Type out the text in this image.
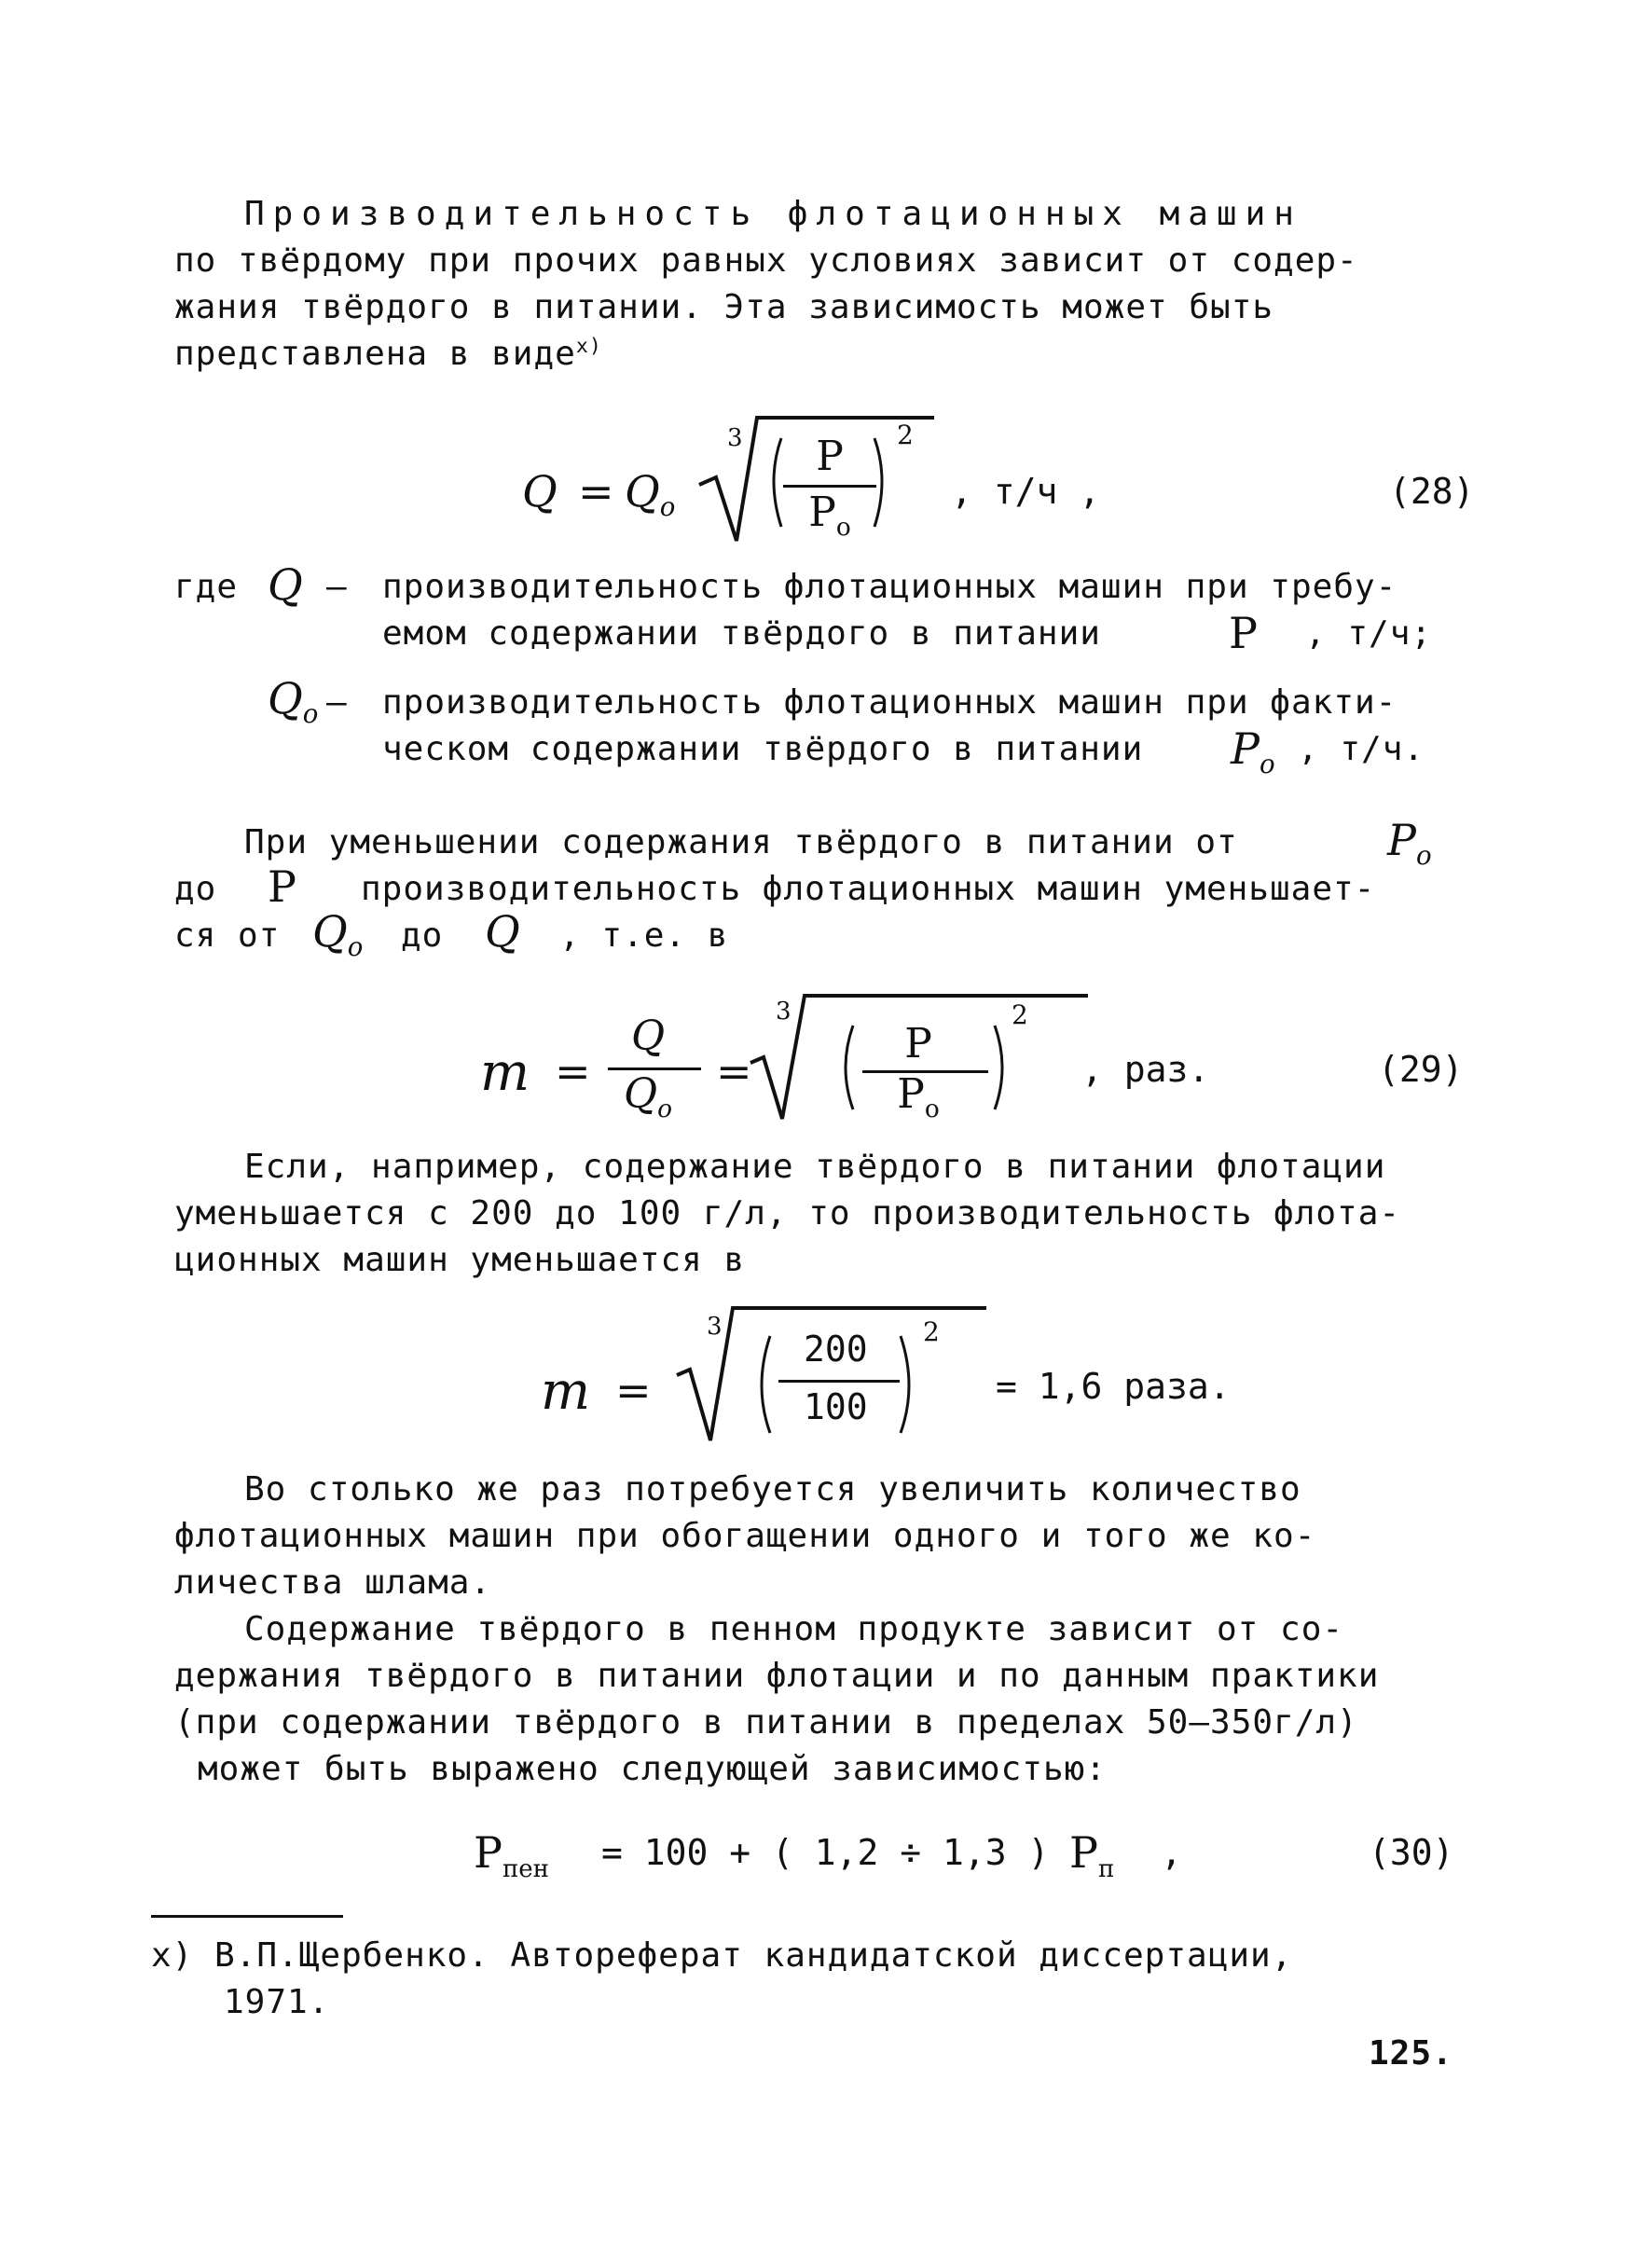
Производительность флотационных машин
по твёрдому при прочих равных условиях зависит от содер-
жания твёрдого в питании. Эта зависимость может быть
представлена в виде$^{x)}$
$Q = Q_o$
3	P
$P_o$
2
, т/ч ,	(28)
где Q – производительность флотационных машин при требу-
емом содержании твёрдого в питании	P , т/ч;
$Q_o$ – производительность флотационных машин при факти-
ческом содержании твёрдого в питании $P_o$ , т/ч.
При уменьшении содержания твёрдого в питании от	$P_o$
до P производительность флотационных машин уменьшает-
ся от $Q_o$ до Q , т.е. в
m =
Q
$Q_o$
=
3
P
$P_o$
2
, раз.	(29)
Если, например, содержание твёрдого в питании флотации
уменьшается с 200 до 100 г/л, то производительность флота-
ционных машин уменьшается в
m =
3
200
100
2
= 1,6 раза.
Во столько же раз потребуется увеличить количество
флотационных машин при обогащении одного и того же ко-
личества шлама.
Содержание твёрдого в пенном продукте зависит от со-
держания твёрдого в питании флотации и по данным практики
(при содержании твёрдого в питании в пределах 50–350г/л)
может быть выражено следующей зависимостью:
$P_{пен} = 100$ + ( 1,2 ÷ 1,3 ) $P_п$ ,	(30)
x) В.П.Щербенко. Автореферат кандидатской диссертации,
1971.
125.
